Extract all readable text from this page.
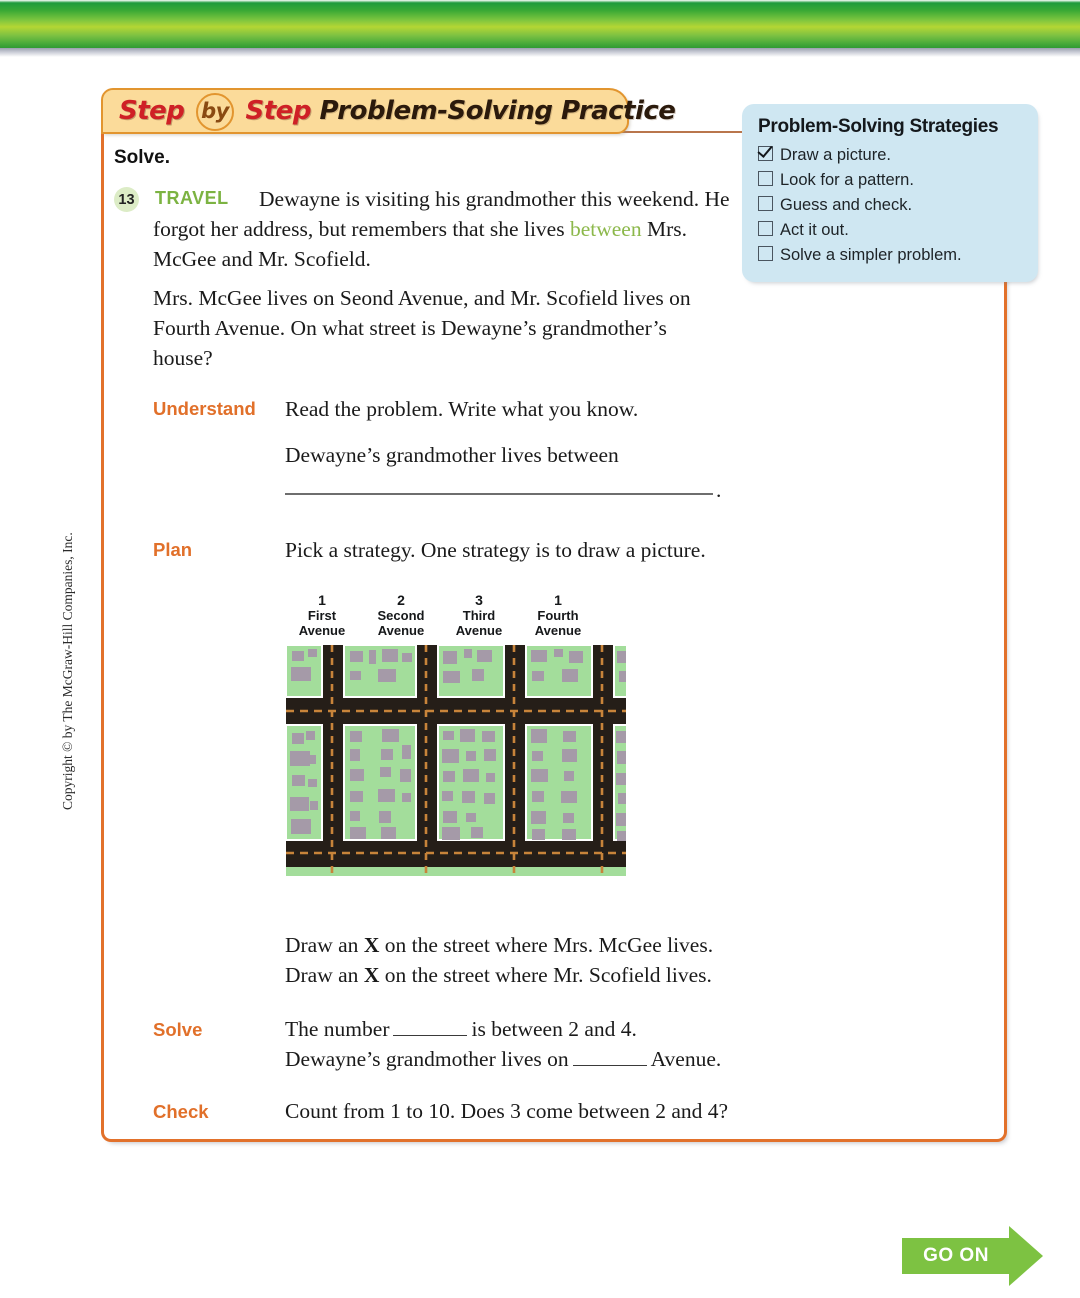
Step by Step Problem-Solving Practice
Problem-Solving Strategies
Draw a picture.
Look for a pattern.
Guess and check.
Act it out.
Solve a simpler problem.
Solve.
13	Dewayne is visiting his grandmother this weekend. He forgot her address, but remembers that she lives between Mrs. McGee and Mr. Scofield.
TRAVEL
Mrs. McGee lives on Seond Avenue, and Mr. Scofield lives on Fourth Avenue. On what street is Dewayne’s grandmother’s house?
Understand Read the problem. Write what you know.
Dewayne’s grandmother lives between
.
Plan	Pick a strategy. One strategy is to draw a picture.
1
First
Avenue
2
Second
Avenue
3
Third
Avenue
1
Fourth
Avenue
Draw an X on the street where Mrs. McGee lives.
Draw an X on the street where Mr. Scofield lives.
Solve	The number	is between 2 and 4.
Dewayne’s grandmother lives on	Avenue.
Check	Count from 1 to 10. Does 3 come between 2 and 4?
Copyright © by The McGraw-Hill Companies, Inc.
GO ON
